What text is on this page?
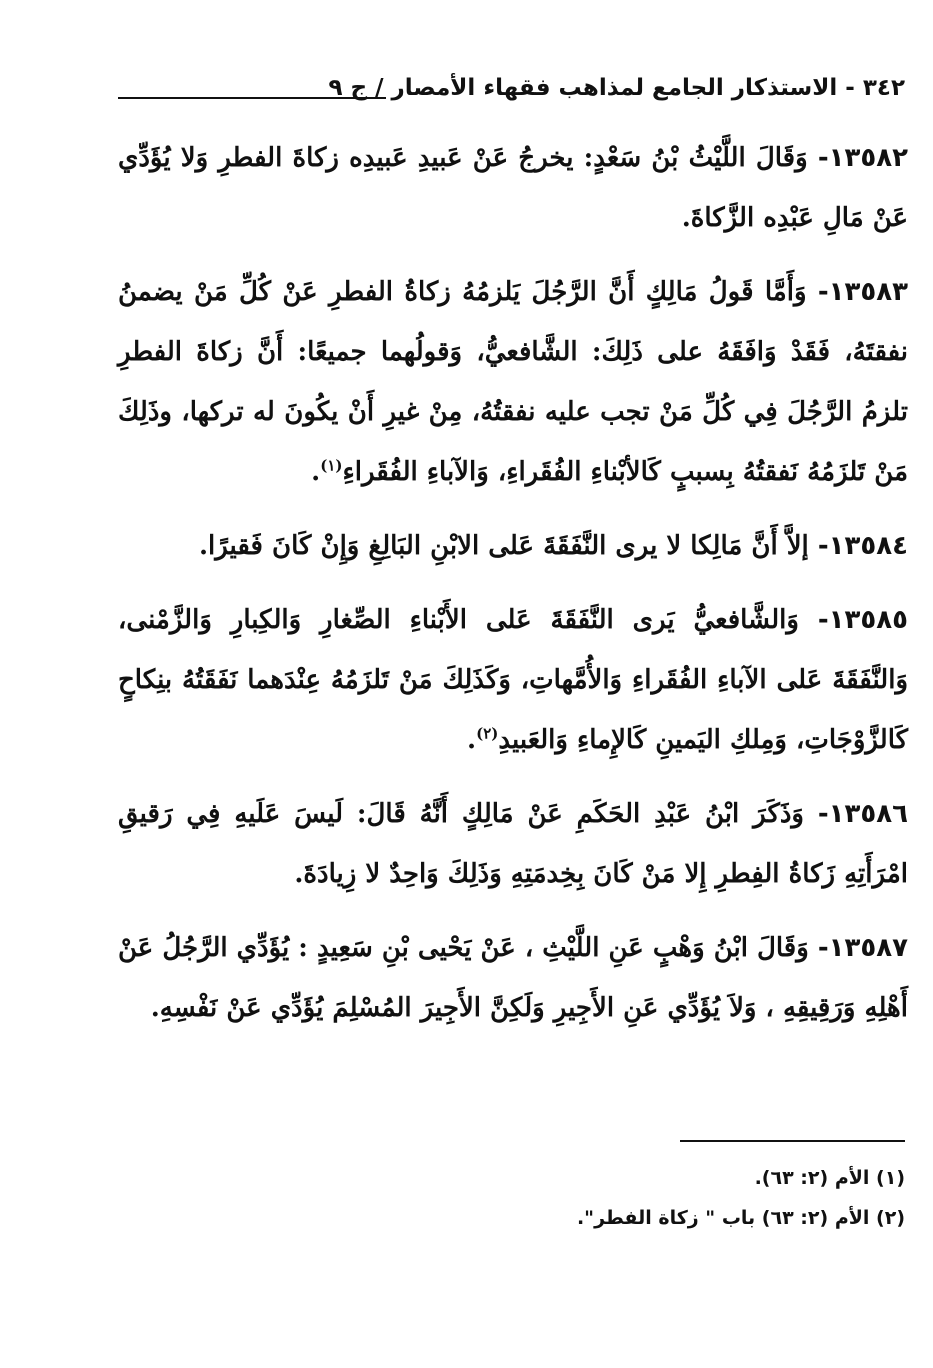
٣٤٢ - الاستذكار الجامع لمذاهب فقهاء الأمصار / ج ٩

١٣٥٨٢- وَقَالَ اللَّيْثُ بْنُ سَعْدٍ: يخرجُ عَنْ عَبيدِ عَبيدِه زكاةَ الفطرِ وَلا يُؤَدِّي عَنْ مَالِ عَبْدِه الزَّكاةَ.

١٣٥٨٣- وَأَمَّا قَولُ مَالِكٍ أَنَّ الرَّجُلَ يَلزمُهُ زكاةُ الفطرِ عَنْ كُلِّ مَنْ يضمنُ نفقتَهُ، فَقَدْ وَافَقَهُ على ذَلِكَ: الشَّافعيُّ، وَقولُهما جميعًا: أَنَّ زكاةَ الفطرِ تلزمُ الرَّجُلَ فِي كُلِّ مَنْ تجب عليه نفقتُهُ، مِنْ غيرِ أَنْ يكُونَ له تركها، وذَلِكَ مَنْ تَلزَمُهُ نَفقتُهُ بِسببٍ كَالأبْناءِ الفُقَراءِ، وَالآباءِ الفُقَراءِ$^{(١)}$.

١٣٥٨٤- إلاَّ أَنَّ مَالِكا لا يرى النَّفَقَةَ عَلى الابْنِ البَالِغِ وَإِنْ كَانَ فَقيرًا.

١٣٥٨٥- وَالشَّافعيُّ يَرى النَّفَقَةَ عَلى الأَبْناءِ الصِّغارِ وَالكِبارِ وَالزَّمْنى، وَالنَّفَقَةَ عَلى الآباءِ الفُقَراءِ وَالأُمَّهاتِ، وَكَذَلِكَ مَنْ تَلزَمُهُ عِنْدَهما نَفَقَتُهُ بنِكاحٍ كَالزَّوْجَاتِ، وَمِلكِ اليَمينِ كَالإِماءِ وَالعَبيدِ$^{(٢)}$.

١٣٥٨٦- وَذَكَرَ ابْنُ عَبْدِ الحَكَمِ عَنْ مَالِكٍ أَنَّهُ قَالَ: لَيسَ عَلَيهِ فِي رَقيقِ امْرَأَتِهِ زَكاةُ الفِطرِ إِلا مَنْ كَانَ بِخِدمَتِهِ وَذَلِكَ وَاحِدٌ لا زِيادَةَ.

١٣٥٨٧- وَقَالَ ابْنُ وَهْبٍ عَنِ اللَّيْثِ ، عَنْ يَحْيى بْنِ سَعِيدٍ : يُؤَدِّي الرَّجُلُ عَنْ أَهْلِهِ وَرَقِيقِهِ ، وَلاَ يُؤَدِّي عَنِ الأَجِيرِ وَلَكِنَّ الأَجِيرَ المُسْلِمَ يُؤَدِّي عَنْ نَفْسِهِ.

(١) الأم (٢: ٦٣).
(٢) الأم (٢: ٦٣) باب " زكاة الفطر".
